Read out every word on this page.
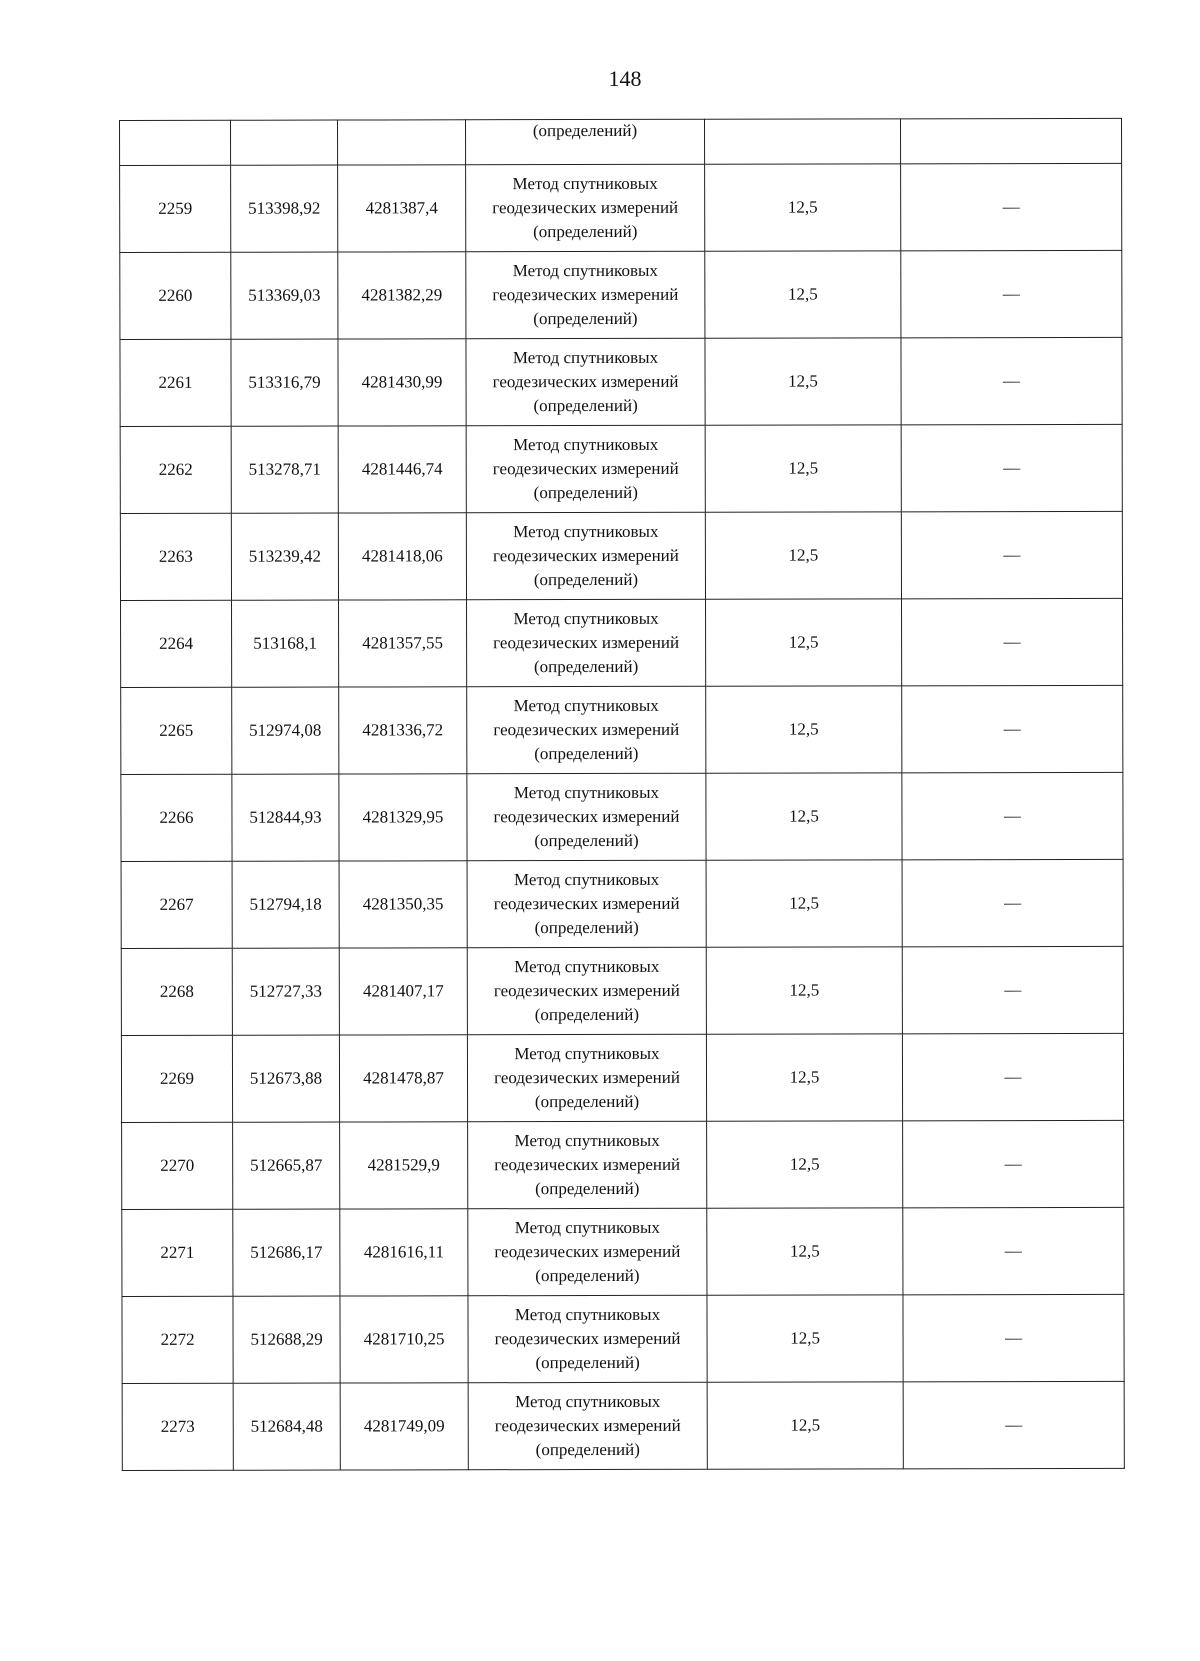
148
			(определений)		
2259	513398,92	4281387,4	Метод спутниковых
геодезических измерений
(определений)	12,5	—
2260	513369,03	4281382,29	Метод спутниковых
геодезических измерений
(определений)	12,5	—
2261	513316,79	4281430,99	Метод спутниковых
геодезических измерений
(определений)	12,5	—
2262	513278,71	4281446,74	Метод спутниковых
геодезических измерений
(определений)	12,5	—
2263	513239,42	4281418,06	Метод спутниковых
геодезических измерений
(определений)	12,5	—
2264	513168,1	4281357,55	Метод спутниковых
геодезических измерений
(определений)	12,5	—
2265	512974,08	4281336,72	Метод спутниковых
геодезических измерений
(определений)	12,5	—
2266	512844,93	4281329,95	Метод спутниковых
геодезических измерений
(определений)	12,5	—
2267	512794,18	4281350,35	Метод спутниковых
геодезических измерений
(определений)	12,5	—
2268	512727,33	4281407,17	Метод спутниковых
геодезических измерений
(определений)	12,5	—
2269	512673,88	4281478,87	Метод спутниковых
геодезических измерений
(определений)	12,5	—
2270	512665,87	4281529,9	Метод спутниковых
геодезических измерений
(определений)	12,5	—
2271	512686,17	4281616,11	Метод спутниковых
геодезических измерений
(определений)	12,5	—
2272	512688,29	4281710,25	Метод спутниковых
геодезических измерений
(определений)	12,5	—
2273	512684,48	4281749,09	Метод спутниковых
геодезических измерений
(определений)	12,5	—
